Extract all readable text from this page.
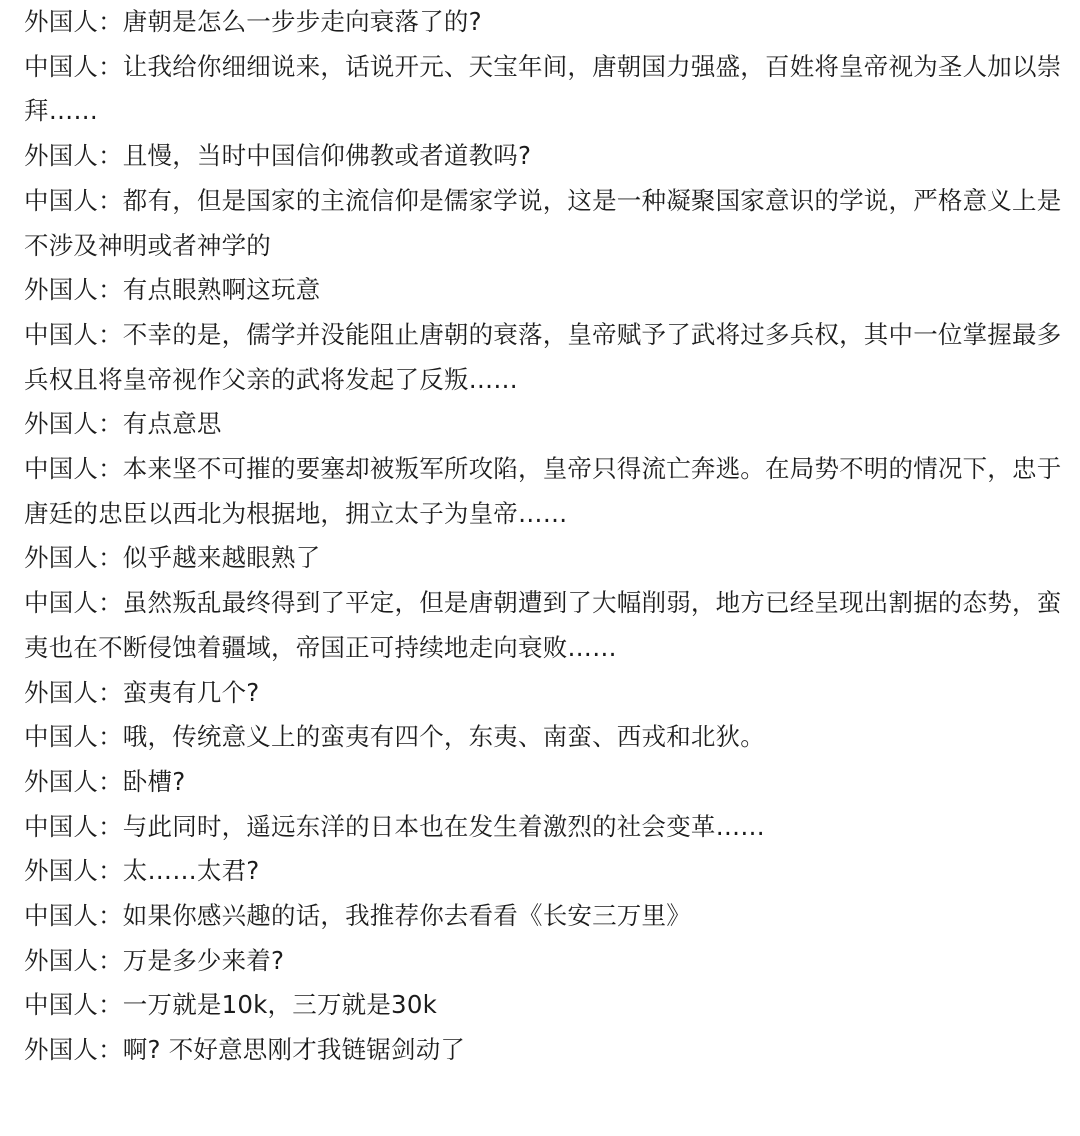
外国人：唐朝是怎么一步步走向衰落了的?
中国人：让我给你细细说来，话说开元、天宝年间，唐朝国力强盛，百姓将皇帝视为圣人加以崇拜……
外国人：且慢，当时中国信仰佛教或者道教吗?
中国人：都有，但是国家的主流信仰是儒家学说，这是一种凝聚国家意识的学说，严格意义上是不涉及神明或者神学的
外国人：有点眼熟啊这玩意
中国人：不幸的是，儒学并没能阻止唐朝的衰落，皇帝赋予了武将过多兵权，其中一位掌握最多兵权且将皇帝视作父亲的武将发起了反叛……
外国人：有点意思
中国人：本来坚不可摧的要塞却被叛军所攻陷，皇帝只得流亡奔逃。在局势不明的情况下，忠于唐廷的忠臣以西北为根据地，拥立太子为皇帝……
外国人：似乎越来越眼熟了
中国人：虽然叛乱最终得到了平定，但是唐朝遭到了大幅削弱，地方已经呈现出割据的态势，蛮夷也在不断侵蚀着疆域，帝国正可持续地走向衰败……
外国人：蛮夷有几个?
中国人：哦，传统意义上的蛮夷有四个，东夷、南蛮、西戎和北狄。
外国人：卧槽?
中国人：与此同时，遥远东洋的日本也在发生着激烈的社会变革……
外国人：太……太君?
中国人：如果你感兴趣的话，我推荐你去看看《长安三万里》
外国人：万是多少来着?
中国人：一万就是10k，三万就是30k
外国人：啊? 不好意思刚才我链锯剑动了
